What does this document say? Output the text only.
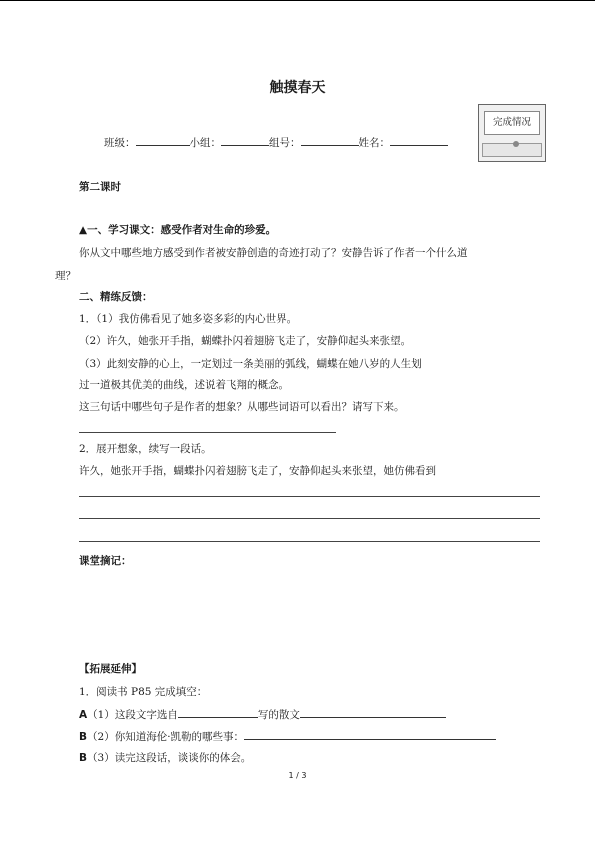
触摸春天
班级：	小组：	组号：	姓名：
完成情况
第二课时
▲一、学习课文：感受作者对生命的珍爱。
你从文中哪些地方感受到作者被安静创造的奇迹打动了？安静告诉了作者一个什么道
理？
二、精练反馈：
1．（1）我仿佛看见了她多姿多彩的内心世界。
（2）许久，她张开手指，蝴蝶扑闪着翅膀飞走了，安静仰起头来张望。
（3）此刻安静的心上，一定划过一条美丽的弧线，蝴蝶在她八岁的人生划
过一道极其优美的曲线，述说着飞翔的概念。
这三句话中哪些句子是作者的想象？从哪些词语可以看出？请写下来。
2．展开想象，续写一段话。
许久，她张开手指，蝴蝶扑闪着翅膀飞走了，安静仰起头来张望，她仿佛看到
课堂摘记：
【拓展延伸】
1．阅读书 P85 完成填空：
A（1）这段文字选自	写的散文
B（2）你知道海伦·凯勒的哪些事：
B（3）读完这段话，谈谈你的体会。
1 / 3
